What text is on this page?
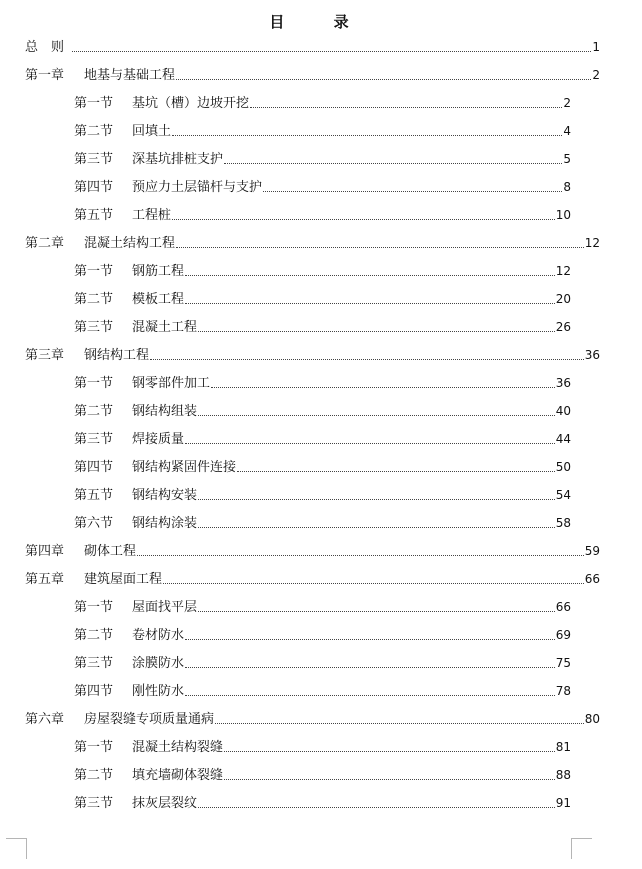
目 录
总则	1
第一章	地基与基础工程	2
第一节	基坑（槽）边坡开挖	2
第二节	回填土	4
第三节	深基坑排桩支护	5
第四节	预应力土层锚杆与支护	8
第五节	工程桩	10
第二章	混凝土结构工程	12
第一节	钢筋工程	12
第二节	模板工程	20
第三节	混凝土工程	26
第三章	钢结构工程	36
第一节	钢零部件加工	36
第二节	钢结构组装	40
第三节	焊接质量	44
第四节	钢结构紧固件连接	50
第五节	钢结构安装	54
第六节	钢结构涂装	58
第四章	砌体工程	59
第五章	建筑屋面工程	66
第一节	屋面找平层	66
第二节	卷材防水	69
第三节	涂膜防水	75
第四节	刚性防水	78
第六章	房屋裂缝专项质量通病	80
第一节	混凝土结构裂缝	81
第二节	填充墙砌体裂缝	88
第三节	抹灰层裂纹	91
